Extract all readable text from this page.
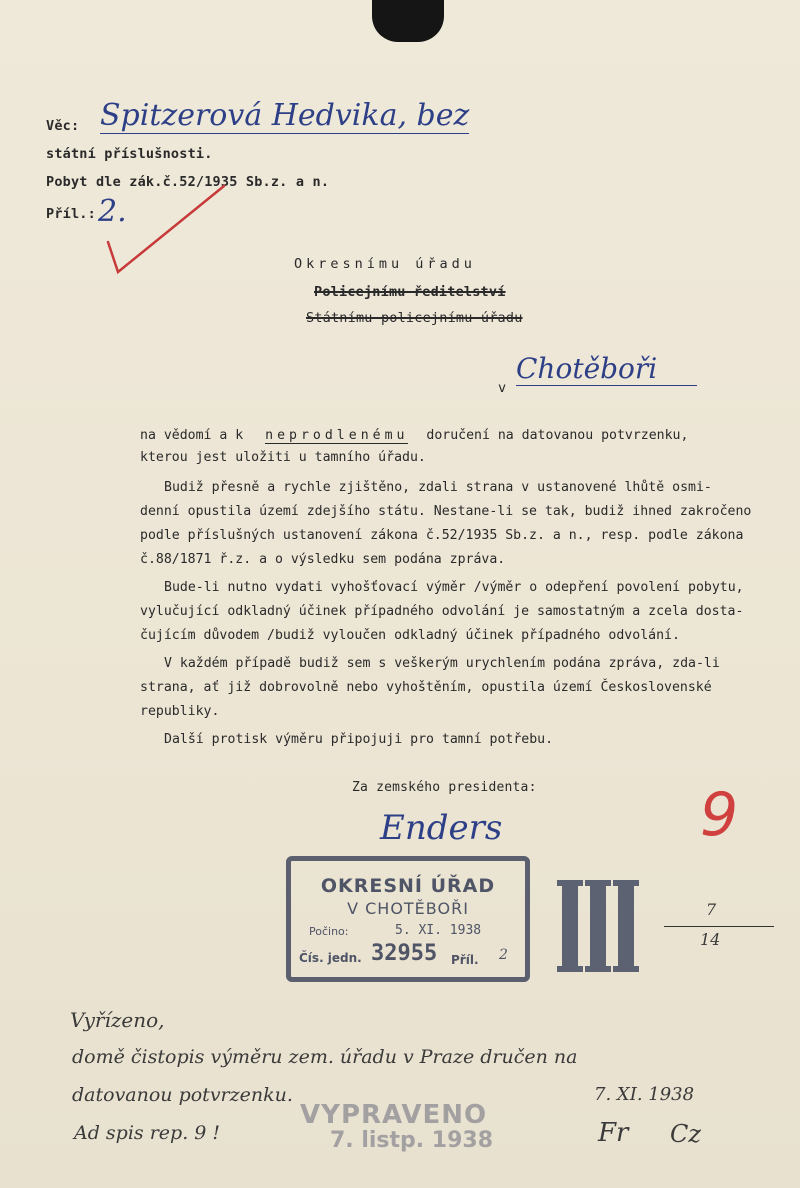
Věc: Spitzerová Hedvika, bez
státní příslušnosti.
Pobyt dle zák.č.52/1935 Sb.z. a n.
Příl.: 2.
Okresnímu úřadu
Policejnímu ředitelství
Státnímu policejnímu úřadu
v
Chotěboři
na vědomí a k neprodlenému doručení na datovanou potvrzenku,
kterou jest uložiti u tamního úřadu.
Budiž přesně a rychle zjištěno, zdali strana v ustanovené lhůtě osmi-
denní opustila území zdejšího státu. Nestane-li se tak, budiž ihned zakročeno
podle příslušných ustanovení zákona č.52/1935 Sb.z. a n., resp. podle zákona
č.88/1871 ř.z. a o výsledku sem podána zpráva.
Bude-li nutno vydati vyhošťovací výměr /výměr o odepření povolení pobytu,
vylučující odkladný účinek případného odvolání je samostatným a zcela dosta-
čujícím důvodem /budiž vyloučen odkladný účinek případného odvolání.
V každém případě budiž sem s veškerým urychlením podána zpráva, zda-li
strana, ať již dobrovolně nebo vyhoštěním, opustila území Československé
republiky.
Další protisk výměru připojuji pro tamní potřebu.
Za zemského presidenta:
Enders	9
OKRESNÍ ÚŘAD
V CHOTĚBOŘI
Počino:	5. XI. 1938
Čís. jedn. 32955 Příl. 2
7
14
Vyřízeno,
domě čistopis výměru zem. úřadu v Praze dručen na
datovanou potvrzenku.
Ad spis rep. 9 !
7. XI. 1938
Fr Cz
VYPRAVENO
7. listp. 1938
